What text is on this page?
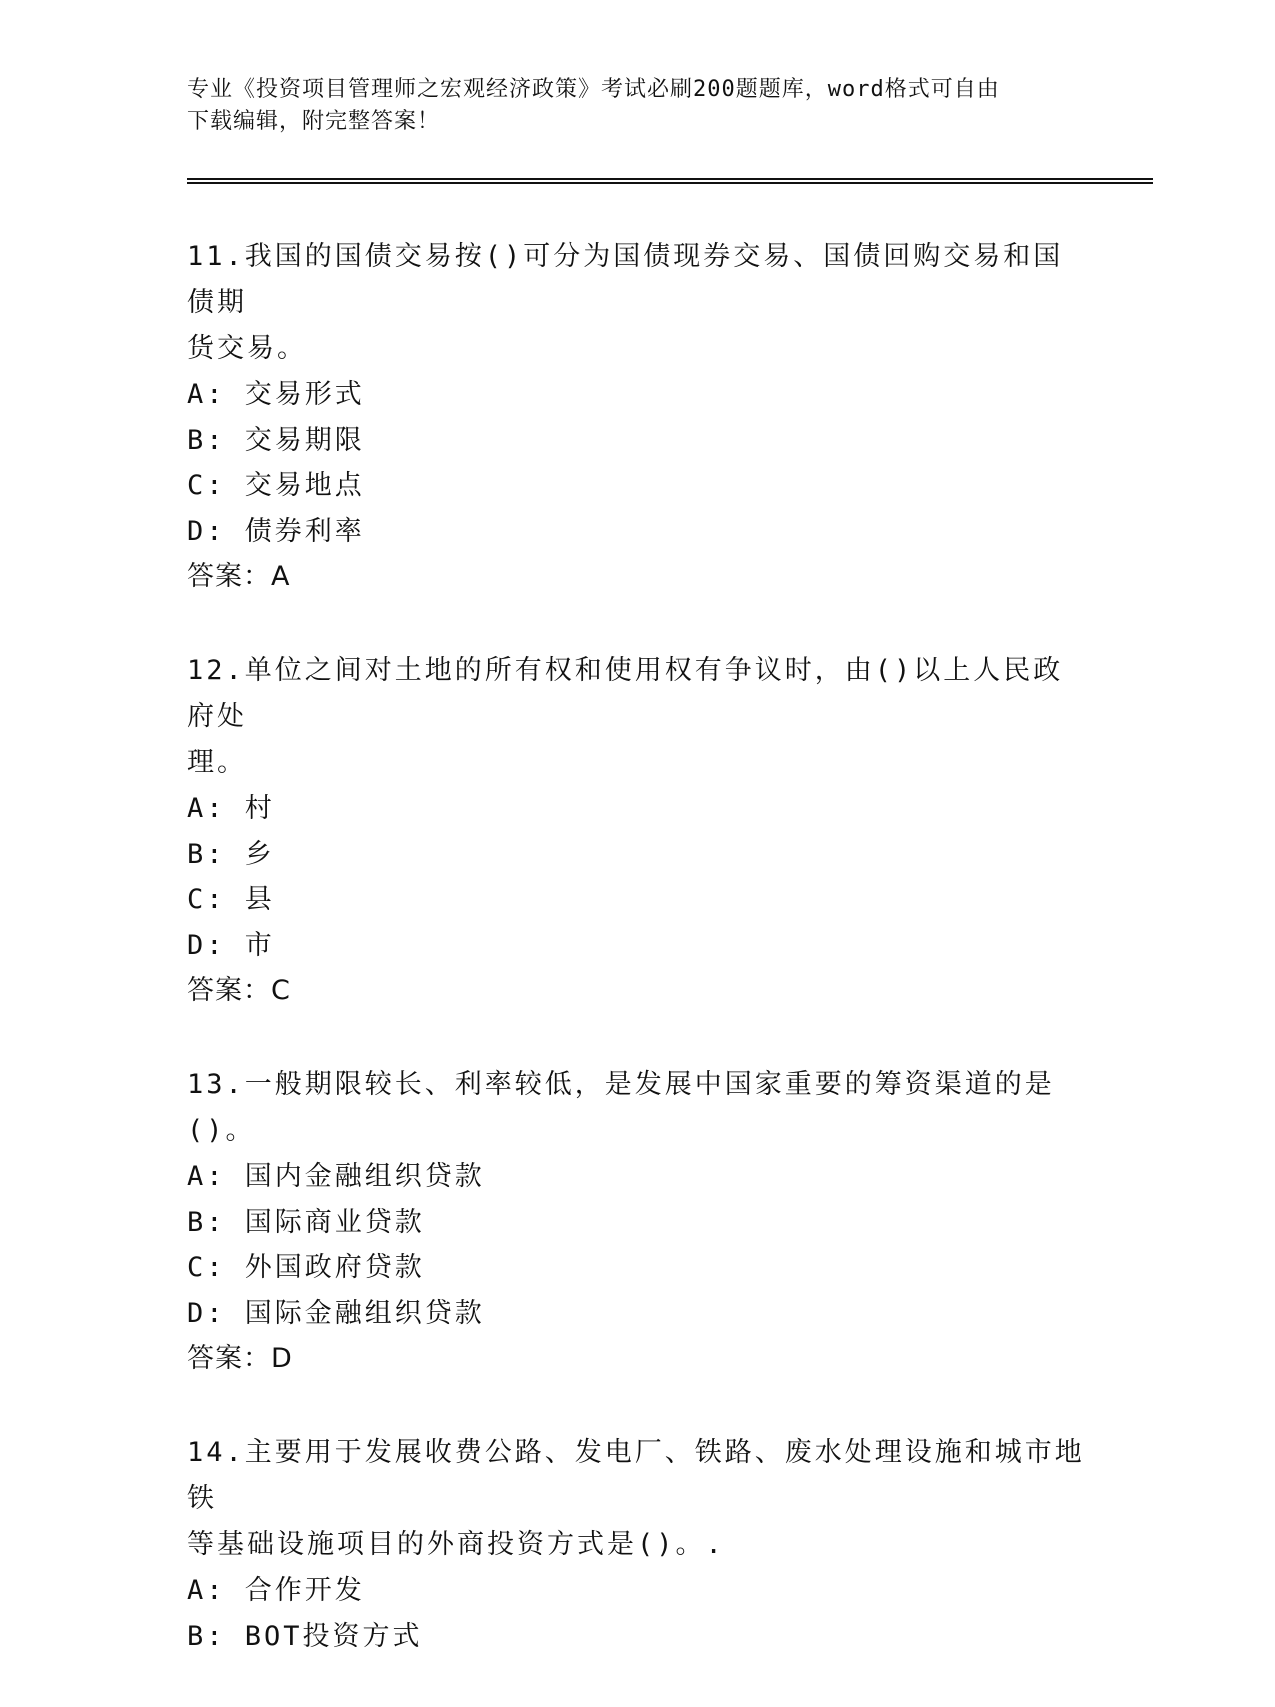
专业《投资项目管理师之宏观经济政策》考试必刷200题题库，word格式可自由
下载编辑，附完整答案！
11.我国的国债交易按()可分为国债现券交易、国债回购交易和国债期
货交易。
A: 交易形式
B: 交易期限
C: 交易地点
D: 债券利率
答案：A
12.单位之间对土地的所有权和使用权有争议时，由()以上人民政府处
理。
A: 村
B: 乡
C: 县
D: 市
答案：C
13.一般期限较长、利率较低，是发展中国家重要的筹资渠道的是()。
A: 国内金融组织贷款
B: 国际商业贷款
C: 外国政府贷款
D: 国际金融组织贷款
答案：D
14.主要用于发展收费公路、发电厂、铁路、废水处理设施和城市地铁
等基础设施项目的外商投资方式是()。.
A: 合作开发
B: BOT投资方式
